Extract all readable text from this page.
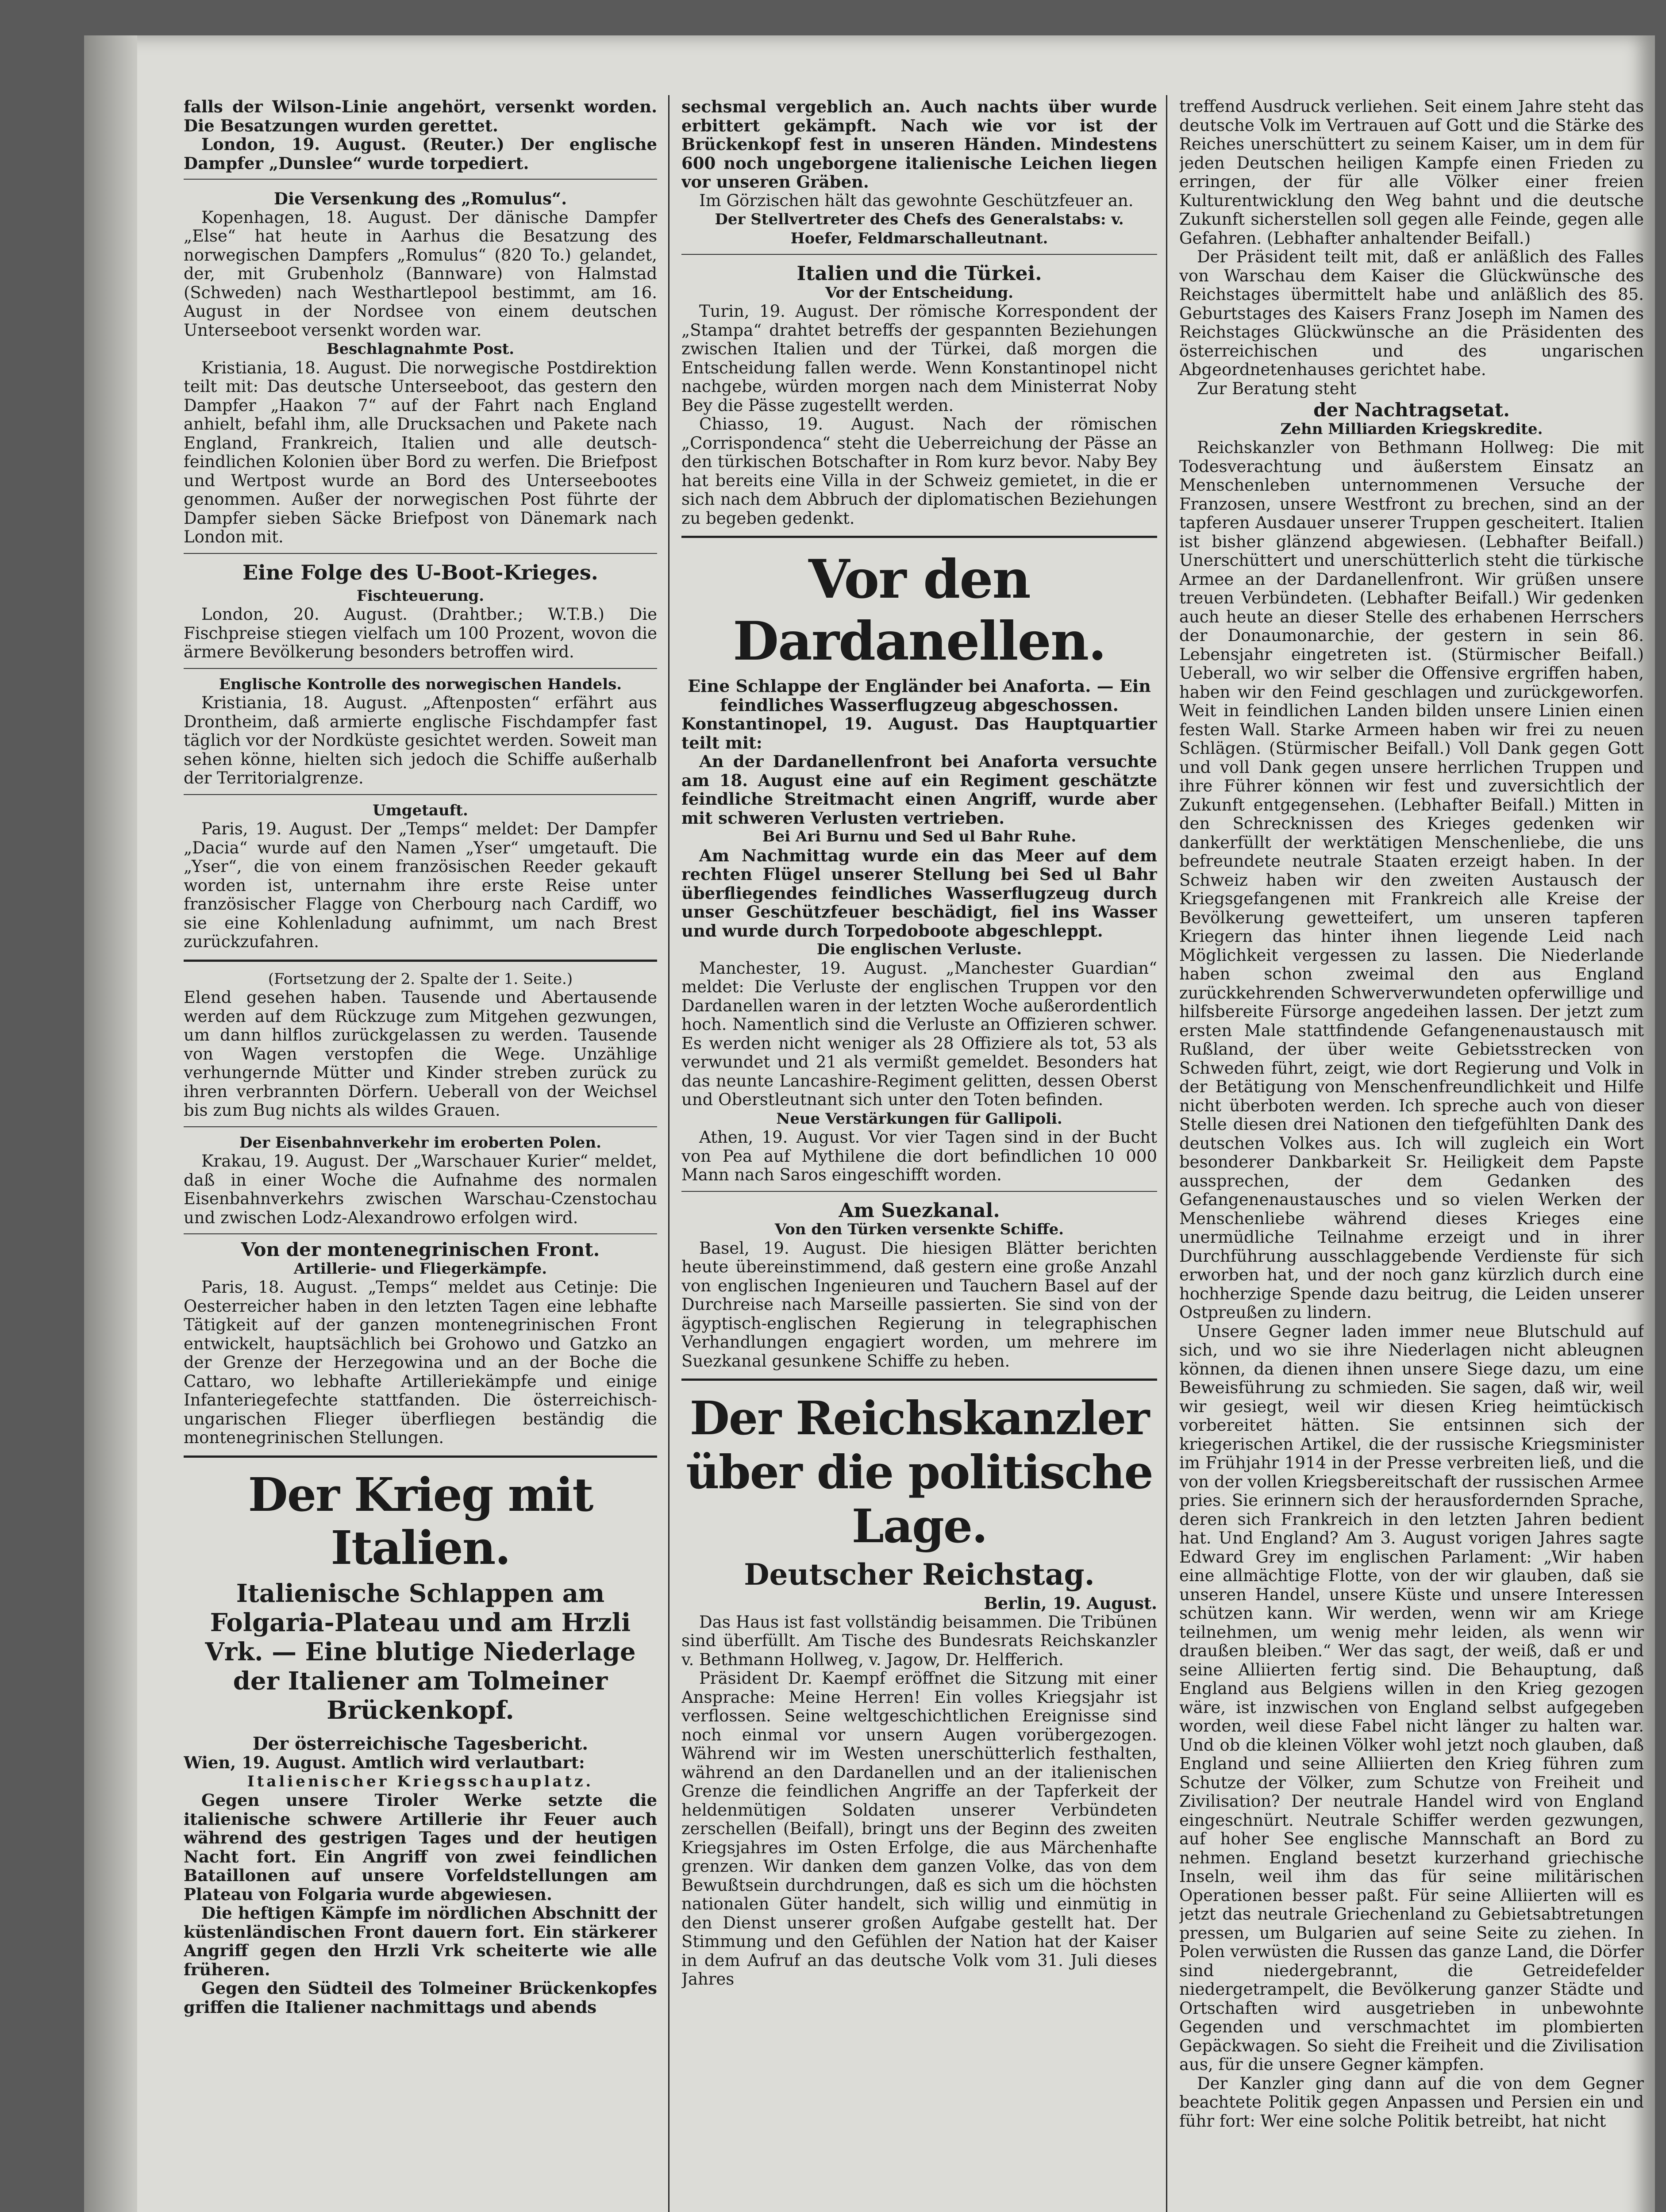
falls der Wilson-Linie angehört, versenkt worden. Die Besatzungen wurden gerettet.

London, 19. August. (Reuter.) Der englische Dampfer „Dunslee“ wurde torpediert.

Die Versenkung des „Romulus“.

Kopenhagen, 18. August. Der dänische Dampfer „Else“ hat heute in Aarhus die Besatzung des norwegischen Dampfers „Romulus“ (820 To.) gelandet, der, mit Grubenholz (Bannware) von Halmstad (Schweden) nach Westhartlepool bestimmt, am 16. August in der Nordsee von einem deutschen Unterseeboot versenkt worden war.

Beschlagnahmte Post.

Kristiania, 18. August. Die norwegische Postdirektion teilt mit: Das deutsche Unterseeboot, das gestern den Dampfer „Haakon 7“ auf der Fahrt nach England anhielt, befahl ihm, alle Drucksachen und Pakete nach England, Frankreich, Italien und alle deutsch-feindlichen Kolonien über Bord zu werfen. Die Briefpost und Wertpost wurde an Bord des Unterseebootes genommen. Außer der norwegischen Post führte der Dampfer sieben Säcke Briefpost von Dänemark nach London mit.

Eine Folge des U-Boot-Krieges.
Fischteuerung.

London, 20. August. (Drahtber.; W.T.B.) Die Fischpreise stiegen vielfach um 100 Prozent, wovon die ärmere Bevölkerung besonders betroffen wird.

Englische Kontrolle des norwegischen Handels.

Kristiania, 18. August. „Aftenposten“ erfährt aus Drontheim, daß armierte englische Fischdampfer fast täglich vor der Nordküste gesichtet werden. Soweit man sehen könne, hielten sich jedoch die Schiffe außerhalb der Territorialgrenze.

Umgetauft.

Paris, 19. August. Der „Temps“ meldet: Der Dampfer „Dacia“ wurde auf den Namen „Yser“ umgetauft. Die „Yser“, die von einem französischen Reeder gekauft worden ist, unternahm ihre erste Reise unter französischer Flagge von Cherbourg nach Cardiff, wo sie eine Kohlenladung aufnimmt, um nach Brest zurückzufahren.

(Fortsetzung der 2. Spalte der 1. Seite.)

Elend gesehen haben. Tausende und Abertausende werden auf dem Rückzuge zum Mitgehen gezwungen, um dann hilflos zurückgelassen zu werden. Tausende von Wagen verstopfen die Wege. Unzählige verhungernde Mütter und Kinder streben zurück zu ihren verbrannten Dörfern. Ueberall von der Weichsel bis zum Bug nichts als wildes Grauen.

Der Eisenbahnverkehr im eroberten Polen.

Krakau, 19. August. Der „Warschauer Kurier“ meldet, daß in einer Woche die Aufnahme des normalen Eisenbahnverkehrs zwischen Warschau-Czenstochau und zwischen Lodz-Alexandrowo erfolgen wird.

Von der montenegrinischen Front.
Artillerie- und Fliegerkämpfe.

Paris, 18. August. „Temps“ meldet aus Cetinje: Die Oesterreicher haben in den letzten Tagen eine lebhafte Tätigkeit auf der ganzen montenegrinischen Front entwickelt, hauptsächlich bei Grohowo und Gatzko an der Grenze der Herzegowina und an der Boche die Cattaro, wo lebhafte Artilleriekämpfe und einige Infanteriegefechte stattfanden. Die österreichisch-ungarischen Flieger überfliegen beständig die montenegrinischen Stellungen.

Der Krieg mit Italien.
Italienische Schlappen am Folgaria-Plateau und am Hrzli Vrk. — Eine blutige Niederlage der Italiener am Tolmeiner Brückenkopf.
Der österreichische Tagesbericht.

Wien, 19. August. Amtlich wird verlautbart:

Italienischer Kriegsschauplatz.

Gegen unsere Tiroler Werke setzte die italienische schwere Artillerie ihr Feuer auch während des gestrigen Tages und der heutigen Nacht fort. Ein Angriff von zwei feindlichen Bataillonen auf unsere Vorfeldstellungen am Plateau von Folgaria wurde abgewiesen.

Die heftigen Kämpfe im nördlichen Abschnitt der küstenländischen Front dauern fort. Ein stärkerer Angriff gegen den Hrzli Vrk scheiterte wie alle früheren.

Gegen den Südteil des Tolmeiner Brückenkopfes griffen die Italiener nachmittags und abends

sechsmal vergeblich an. Auch nachts über wurde erbittert gekämpft. Nach wie vor ist der Brückenkopf fest in unseren Händen. Mindestens 600 noch ungeborgene italienische Leichen liegen vor unseren Gräben.

Im Görzischen hält das gewohnte Geschützfeuer an.

Der Stellvertreter des Chefs des Generalstabs: v. Hoefer, Feldmarschalleutnant.
Italien und die Türkei.
Vor der Entscheidung.

Turin, 19. August. Der römische Korrespondent der „Stampa“ drahtet betreffs der gespannten Beziehungen zwischen Italien und der Türkei, daß morgen die Entscheidung fallen werde. Wenn Konstantinopel nicht nachgebe, würden morgen nach dem Ministerrat Noby Bey die Pässe zugestellt werden.

Chiasso, 19. August. Nach der römischen „Corrispondenca“ steht die Ueberreichung der Pässe an den türkischen Botschafter in Rom kurz bevor. Naby Bey hat bereits eine Villa in der Schweiz gemietet, in die er sich nach dem Abbruch der diplomatischen Beziehungen zu begeben gedenkt.

Vor den Dardanellen.
Eine Schlappe der Engländer bei Anaforta. — Ein feindliches Wasserflugzeug abgeschossen.

Konstantinopel, 19. August. Das Hauptquartier teilt mit:

An der Dardanellenfront bei Anaforta versuchte am 18. August eine auf ein Regiment geschätzte feindliche Streitmacht einen Angriff, wurde aber mit schweren Verlusten vertrieben.

Bei Ari Burnu und Sed ul Bahr Ruhe.

Am Nachmittag wurde ein das Meer auf dem rechten Flügel unserer Stellung bei Sed ul Bahr überfliegendes feindliches Wasserflugzeug durch unser Geschützfeuer beschädigt, fiel ins Wasser und wurde durch Torpedoboote abgeschleppt.

Die englischen Verluste.

Manchester, 19. August. „Manchester Guardian“ meldet: Die Verluste der englischen Truppen vor den Dardanellen waren in der letzten Woche außerordentlich hoch. Namentlich sind die Verluste an Offizieren schwer. Es werden nicht weniger als 28 Offiziere als tot, 53 als verwundet und 21 als vermißt gemeldet. Besonders hat das neunte Lancashire-Regiment gelitten, dessen Oberst und Oberstleutnant sich unter den Toten befinden.

Neue Verstärkungen für Gallipoli.

Athen, 19. August. Vor vier Tagen sind in der Bucht von Pea auf Mythilene die dort befindlichen 10 000 Mann nach Saros eingeschifft worden.

Am Suezkanal.
Von den Türken versenkte Schiffe.

Basel, 19. August. Die hiesigen Blätter berichten heute übereinstimmend, daß gestern eine große Anzahl von englischen Ingenieuren und Tauchern Basel auf der Durchreise nach Marseille passierten. Sie sind von der ägyptisch-englischen Regierung in telegraphischen Verhandlungen engagiert worden, um mehrere im Suezkanal gesunkene Schiffe zu heben.

Der Reichskanzler über die politische Lage.
Deutscher Reichstag.
Berlin, 19. August.

Das Haus ist fast vollständig beisammen. Die Tribünen sind überfüllt. Am Tische des Bundesrats Reichskanzler v. Bethmann Hollweg, v. Jagow, Dr. Helfferich.

Präsident Dr. Kaempf eröffnet die Sitzung mit einer Ansprache: Meine Herren! Ein volles Kriegsjahr ist verflossen. Seine weltgeschichtlichen Ereignisse sind noch einmal vor unsern Augen vorübergezogen. Während wir im Westen unerschütterlich festhalten, während an den Dardanellen und an der italienischen Grenze die feindlichen Angriffe an der Tapferkeit der heldenmütigen Soldaten unserer Verbündeten zerschellen (Beifall), bringt uns der Beginn des zweiten Kriegsjahres im Osten Erfolge, die aus Märchenhafte grenzen. Wir danken dem ganzen Volke, das von dem Bewußtsein durchdrungen, daß es sich um die höchsten nationalen Güter handelt, sich willig und einmütig in den Dienst unserer großen Aufgabe gestellt hat. Der Stimmung und den Gefühlen der Nation hat der Kaiser in dem Aufruf an das deutsche Volk vom 31. Juli dieses Jahres

treffend Ausdruck verliehen. Seit einem Jahre steht das deutsche Volk im Vertrauen auf Gott und die Stärke des Reiches unerschüttert zu seinem Kaiser, um in dem für jeden Deutschen heiligen Kampfe einen Frieden zu erringen, der für alle Völker einer freien Kulturentwicklung den Weg bahnt und die deutsche Zukunft sicherstellen soll gegen alle Feinde, gegen alle Gefahren. (Lebhafter anhaltender Beifall.)

Der Präsident teilt mit, daß er anläßlich des Falles von Warschau dem Kaiser die Glückwünsche des Reichstages übermittelt habe und anläßlich des 85. Geburtstages des Kaisers Franz Joseph im Namen des Reichstages Glückwünsche an die Präsidenten des österreichischen und des ungarischen Abgeordnetenhauses gerichtet habe.

Zur Beratung steht

der Nachtragsetat.
Zehn Milliarden Kriegskredite.

Reichskanzler von Bethmann Hollweg: Die mit Todesverachtung und äußerstem Einsatz an Menschenleben unternommenen Versuche der Franzosen, unsere Westfront zu brechen, sind an der tapferen Ausdauer unserer Truppen gescheitert. Italien ist bisher glänzend abgewiesen. (Lebhafter Beifall.) Unerschüttert und unerschütterlich steht die türkische Armee an der Dardanellenfront. Wir grüßen unsere treuen Verbündeten. (Lebhafter Beifall.) Wir gedenken auch heute an dieser Stelle des erhabenen Herrschers der Donaumonarchie, der gestern in sein 86. Lebensjahr eingetreten ist. (Stürmischer Beifall.) Ueberall, wo wir selber die Offensive ergriffen haben, haben wir den Feind geschlagen und zurückgeworfen. Weit in feindlichen Landen bilden unsere Linien einen festen Wall. Starke Armeen haben wir frei zu neuen Schlägen. (Stürmischer Beifall.) Voll Dank gegen Gott und voll Dank gegen unsere herrlichen Truppen und ihre Führer können wir fest und zuversichtlich der Zukunft entgegensehen. (Lebhafter Beifall.) Mitten in den Schrecknissen des Krieges gedenken wir dankerfüllt der werktätigen Menschenliebe, die uns befreundete neutrale Staaten erzeigt haben. In der Schweiz haben wir den zweiten Austausch der Kriegsgefangenen mit Frankreich alle Kreise der Bevölkerung gewetteifert, um unseren tapferen Kriegern das hinter ihnen liegende Leid nach Möglichkeit vergessen zu lassen. Die Niederlande haben schon zweimal den aus England zurückkehrenden Schwerverwundeten opferwillige und hilfsbereite Fürsorge angedeihen lassen. Der jetzt zum ersten Male stattfindende Gefangenenaustausch mit Rußland, der über weite Gebietsstrecken von Schweden führt, zeigt, wie dort Regierung und Volk in der Betätigung von Menschenfreundlichkeit und Hilfe nicht überboten werden. Ich spreche auch von dieser Stelle diesen drei Nationen den tiefgefühlten Dank des deutschen Volkes aus. Ich will zugleich ein Wort besonderer Dankbarkeit Sr. Heiligkeit dem Papste aussprechen, der dem Gedanken des Gefangenenaustausches und so vielen Werken der Menschenliebe während dieses Krieges eine unermüdliche Teilnahme erzeigt und in ihrer Durchführung ausschlaggebende Verdienste für sich erworben hat, und der noch ganz kürzlich durch eine hochherzige Spende dazu beitrug, die Leiden unserer Ostpreußen zu lindern.

Unsere Gegner laden immer neue Blutschuld auf sich, und wo sie ihre Niederlagen nicht ableugnen können, da dienen ihnen unsere Siege dazu, um eine Beweisführung zu schmieden. Sie sagen, daß wir, weil wir gesiegt, weil wir diesen Krieg heimtückisch vorbereitet hätten. Sie entsinnen sich der kriegerischen Artikel, die der russische Kriegsminister im Frühjahr 1914 in der Presse verbreiten ließ, und die von der vollen Kriegsbereitschaft der russischen Armee pries. Sie erinnern sich der herausfordernden Sprache, deren sich Frankreich in den letzten Jahren bedient hat. Und England? Am 3. August vorigen Jahres sagte Edward Grey im englischen Parlament: „Wir haben eine allmächtige Flotte, von der wir glauben, daß sie unseren Handel, unsere Küste und unsere Interessen schützen kann. Wir werden, wenn wir am Kriege teilnehmen, um wenig mehr leiden, als wenn wir draußen bleiben.“ Wer das sagt, der weiß, daß er und seine Alliierten fertig sind. Die Behauptung, daß England aus Belgiens willen in den Krieg gezogen wäre, ist inzwischen von England selbst aufgegeben worden, weil diese Fabel nicht länger zu halten war. Und ob die kleinen Völker wohl jetzt noch glauben, daß England und seine Alliierten den Krieg führen zum Schutze der Völker, zum Schutze von Freiheit und Zivilisation? Der neutrale Handel wird von England eingeschnürt. Neutrale Schiffer werden gezwungen, auf hoher See englische Mannschaft an Bord zu nehmen. England besetzt kurzerhand griechische Inseln, weil ihm das für seine militärischen Operationen besser paßt. Für seine Alliierten will es jetzt das neutrale Griechenland zu Gebietsabtretungen pressen, um Bulgarien auf seine Seite zu ziehen. In Polen verwüsten die Russen das ganze Land, die Dörfer sind niedergebrannt, die Getreidefelder niedergetrampelt, die Bevölkerung ganzer Städte und Ortschaften wird ausgetrieben in unbewohnte Gegenden und verschmachtet im plombierten Gepäckwagen. So sieht die Freiheit und die Zivilisation aus, für die unsere Gegner kämpfen.

Der Kanzler ging dann auf die von dem Gegner beachtete Politik gegen Anpassen und Persien ein und führ fort: Wer eine solche Politik betreibt, hat nicht
